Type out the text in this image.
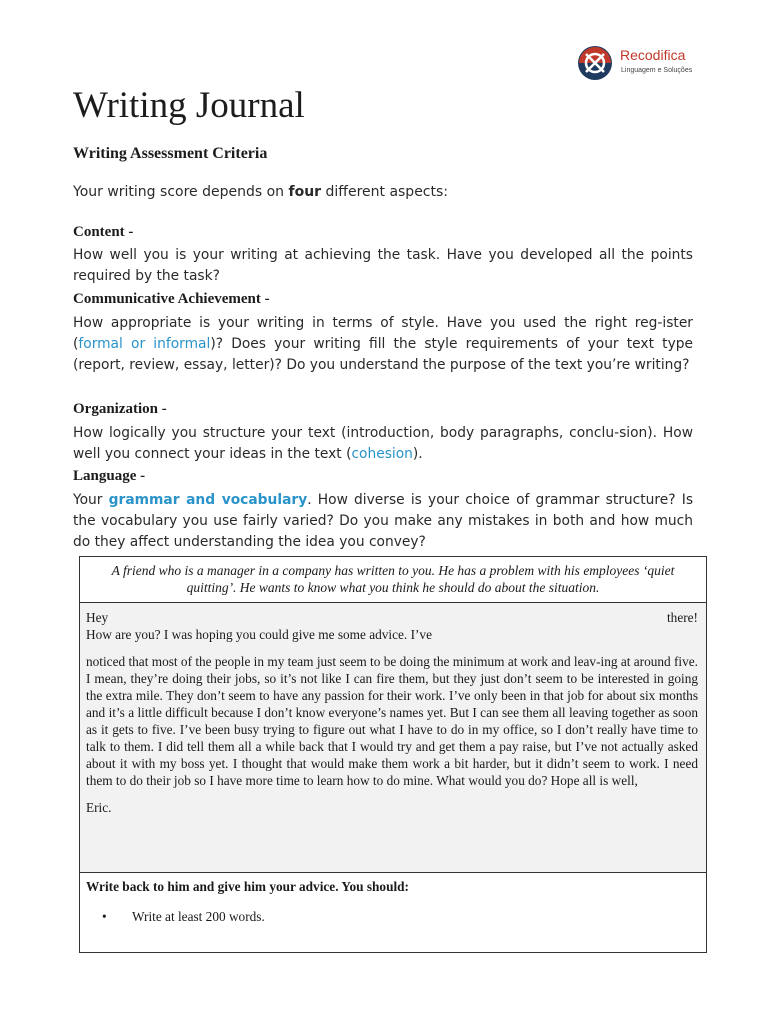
Recodifica
Linguagem e Soluções
Writing Journal
Writing Assessment Criteria
Your writing score depends on four different aspects:
Content -
How well you is your writing at achieving the task. Have you developed all the points required by the task?
Communicative Achievement -
How appropriate is your writing in terms of style. Have you used the right reg-ister (formal or informal)? Does your writing fill the style requirements of your text type (report, review, essay, letter)? Do you understand the purpose of the text you’re writing?
Organization -
How logically you structure your text (introduction, body paragraphs, conclu-sion). How well you connect your ideas in the text (cohesion).
Language -
Your grammar and vocabulary. How diverse is your choice of grammar structure? Is the vocabulary you use fairly varied? Do you make any mistakes in both and how much do they affect understanding the idea you convey?
A friend who is a manager in a company has written to you. He has a problem with his employees ‘quiet quitting’. He wants to know what you think he should do about the situation.
Hey	there!

How are you? I was hoping you could give me some advice. I’ve

noticed that most of the people in my team just seem to be doing the minimum at work and leav-ing at around five. I mean, they’re doing their jobs, so it’s not like I can fire them, but they just don’t seem to be interested in going the extra mile. They don’t seem to have any passion for their work. I’ve only been in that job for about six months and it’s a little difficult because I don’t know everyone’s names yet. But I can see them all leaving together as soon as it gets to five. I’ve been busy trying to figure out what I have to do in my office, so I don’t really have time to talk to them. I did tell them all a while back that I would try and get them a pay raise, but I’ve not actually asked about it with my boss yet. I thought that would make them work a bit harder, but it didn’t seem to work. I need them to do their job so I have more time to learn how to do mine. What would you do? Hope all is well,

Eric.

Write back to him and give him your advice. You should:
• Write at least 200 words.
